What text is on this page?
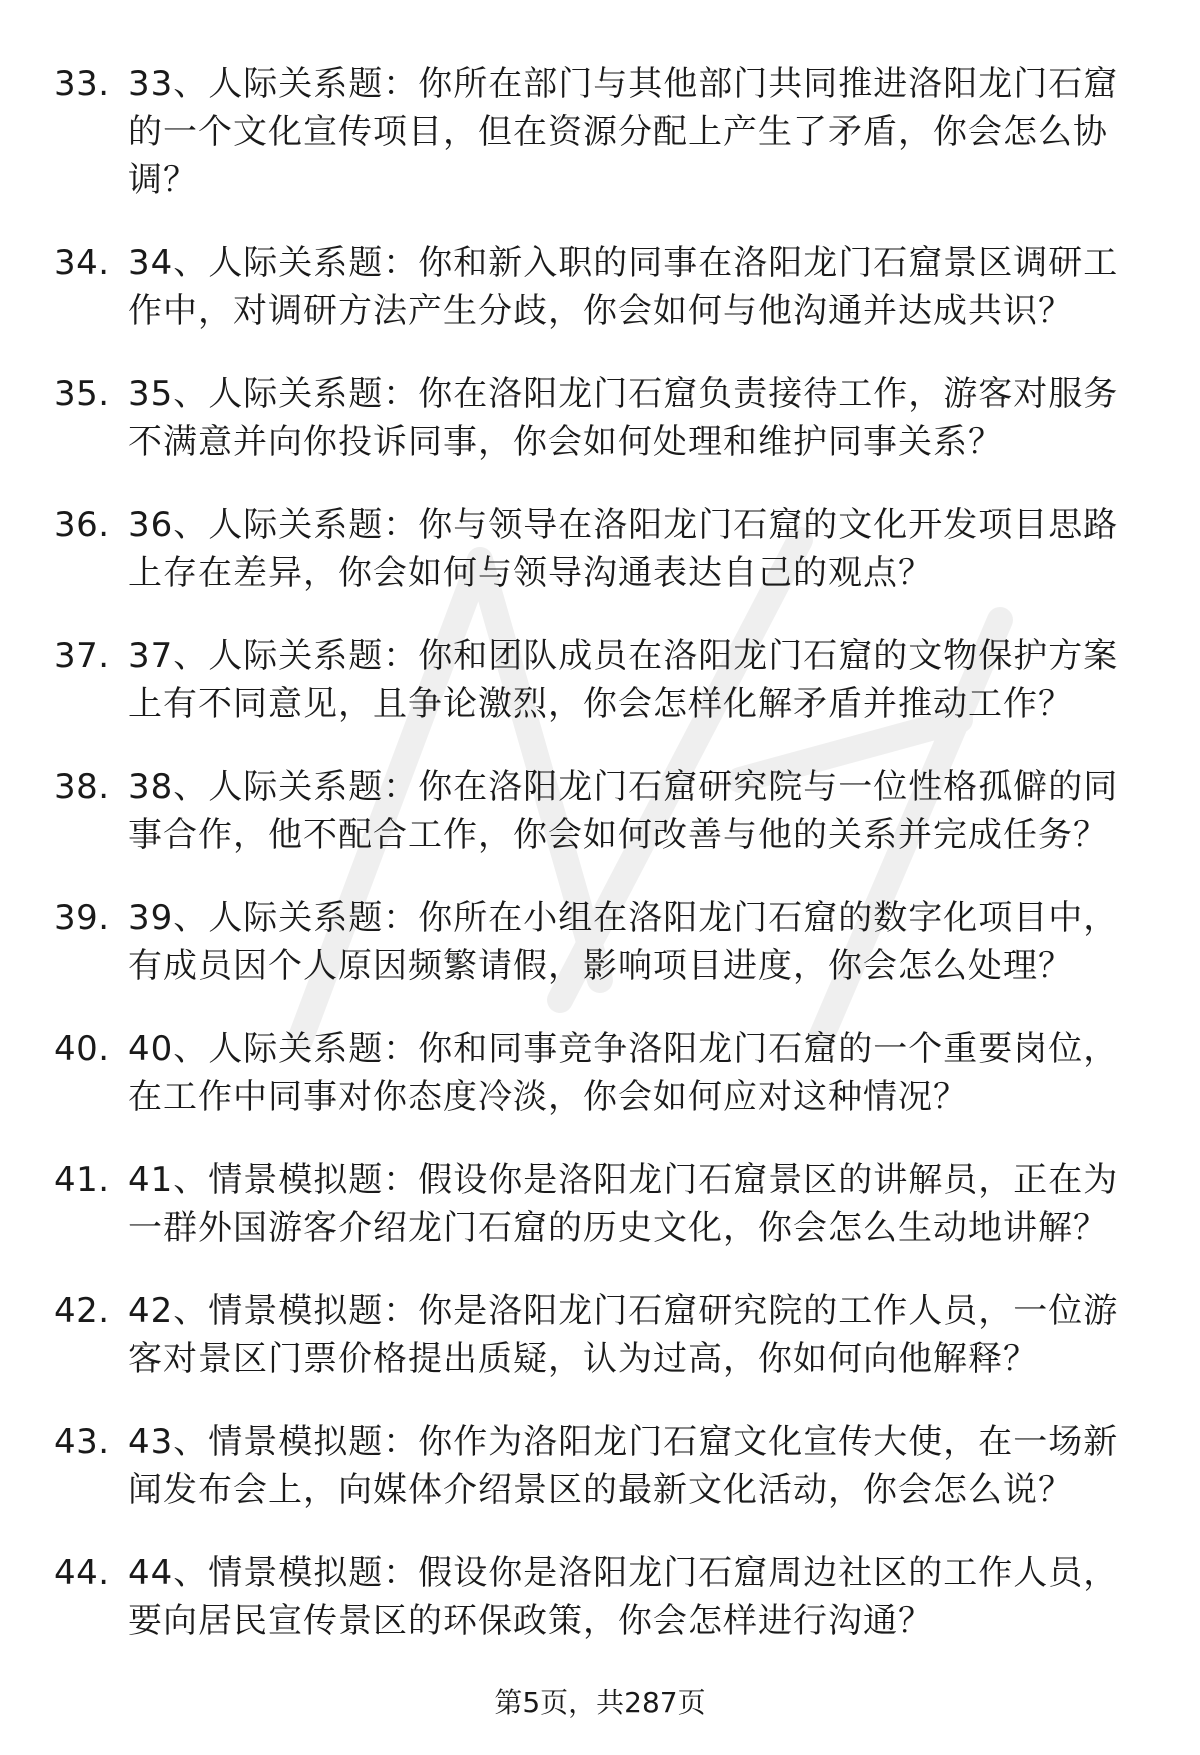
33. 33、人际关系题：你所在部门与其他部门共同推进洛阳龙门石窟
的一个文化宣传项目，但在资源分配上产生了矛盾，你会怎么协
调？
34. 34、人际关系题：你和新入职的同事在洛阳龙门石窟景区调研工
作中，对调研方法产生分歧，你会如何与他沟通并达成共识？
35. 35、人际关系题：你在洛阳龙门石窟负责接待工作，游客对服务
不满意并向你投诉同事，你会如何处理和维护同事关系？
36. 36、人际关系题：你与领导在洛阳龙门石窟的文化开发项目思路
上存在差异，你会如何与领导沟通表达自己的观点？
37. 37、人际关系题：你和团队成员在洛阳龙门石窟的文物保护方案
上有不同意见，且争论激烈，你会怎样化解矛盾并推动工作？
38. 38、人际关系题：你在洛阳龙门石窟研究院与一位性格孤僻的同
事合作，他不配合工作，你会如何改善与他的关系并完成任务？
39. 39、人际关系题：你所在小组在洛阳龙门石窟的数字化项目中，
有成员因个人原因频繁请假，影响项目进度，你会怎么处理？
40. 40、人际关系题：你和同事竞争洛阳龙门石窟的一个重要岗位，
在工作中同事对你态度冷淡，你会如何应对这种情况？
41. 41、情景模拟题：假设你是洛阳龙门石窟景区的讲解员，正在为
一群外国游客介绍龙门石窟的历史文化，你会怎么生动地讲解？
42. 42、情景模拟题：你是洛阳龙门石窟研究院的工作人员，一位游
客对景区门票价格提出质疑，认为过高，你如何向他解释？
43. 43、情景模拟题：你作为洛阳龙门石窟文化宣传大使，在一场新
闻发布会上，向媒体介绍景区的最新文化活动，你会怎么说？
44. 44、情景模拟题：假设你是洛阳龙门石窟周边社区的工作人员，
要向居民宣传景区的环保政策，你会怎样进行沟通？
第5页，共287页
